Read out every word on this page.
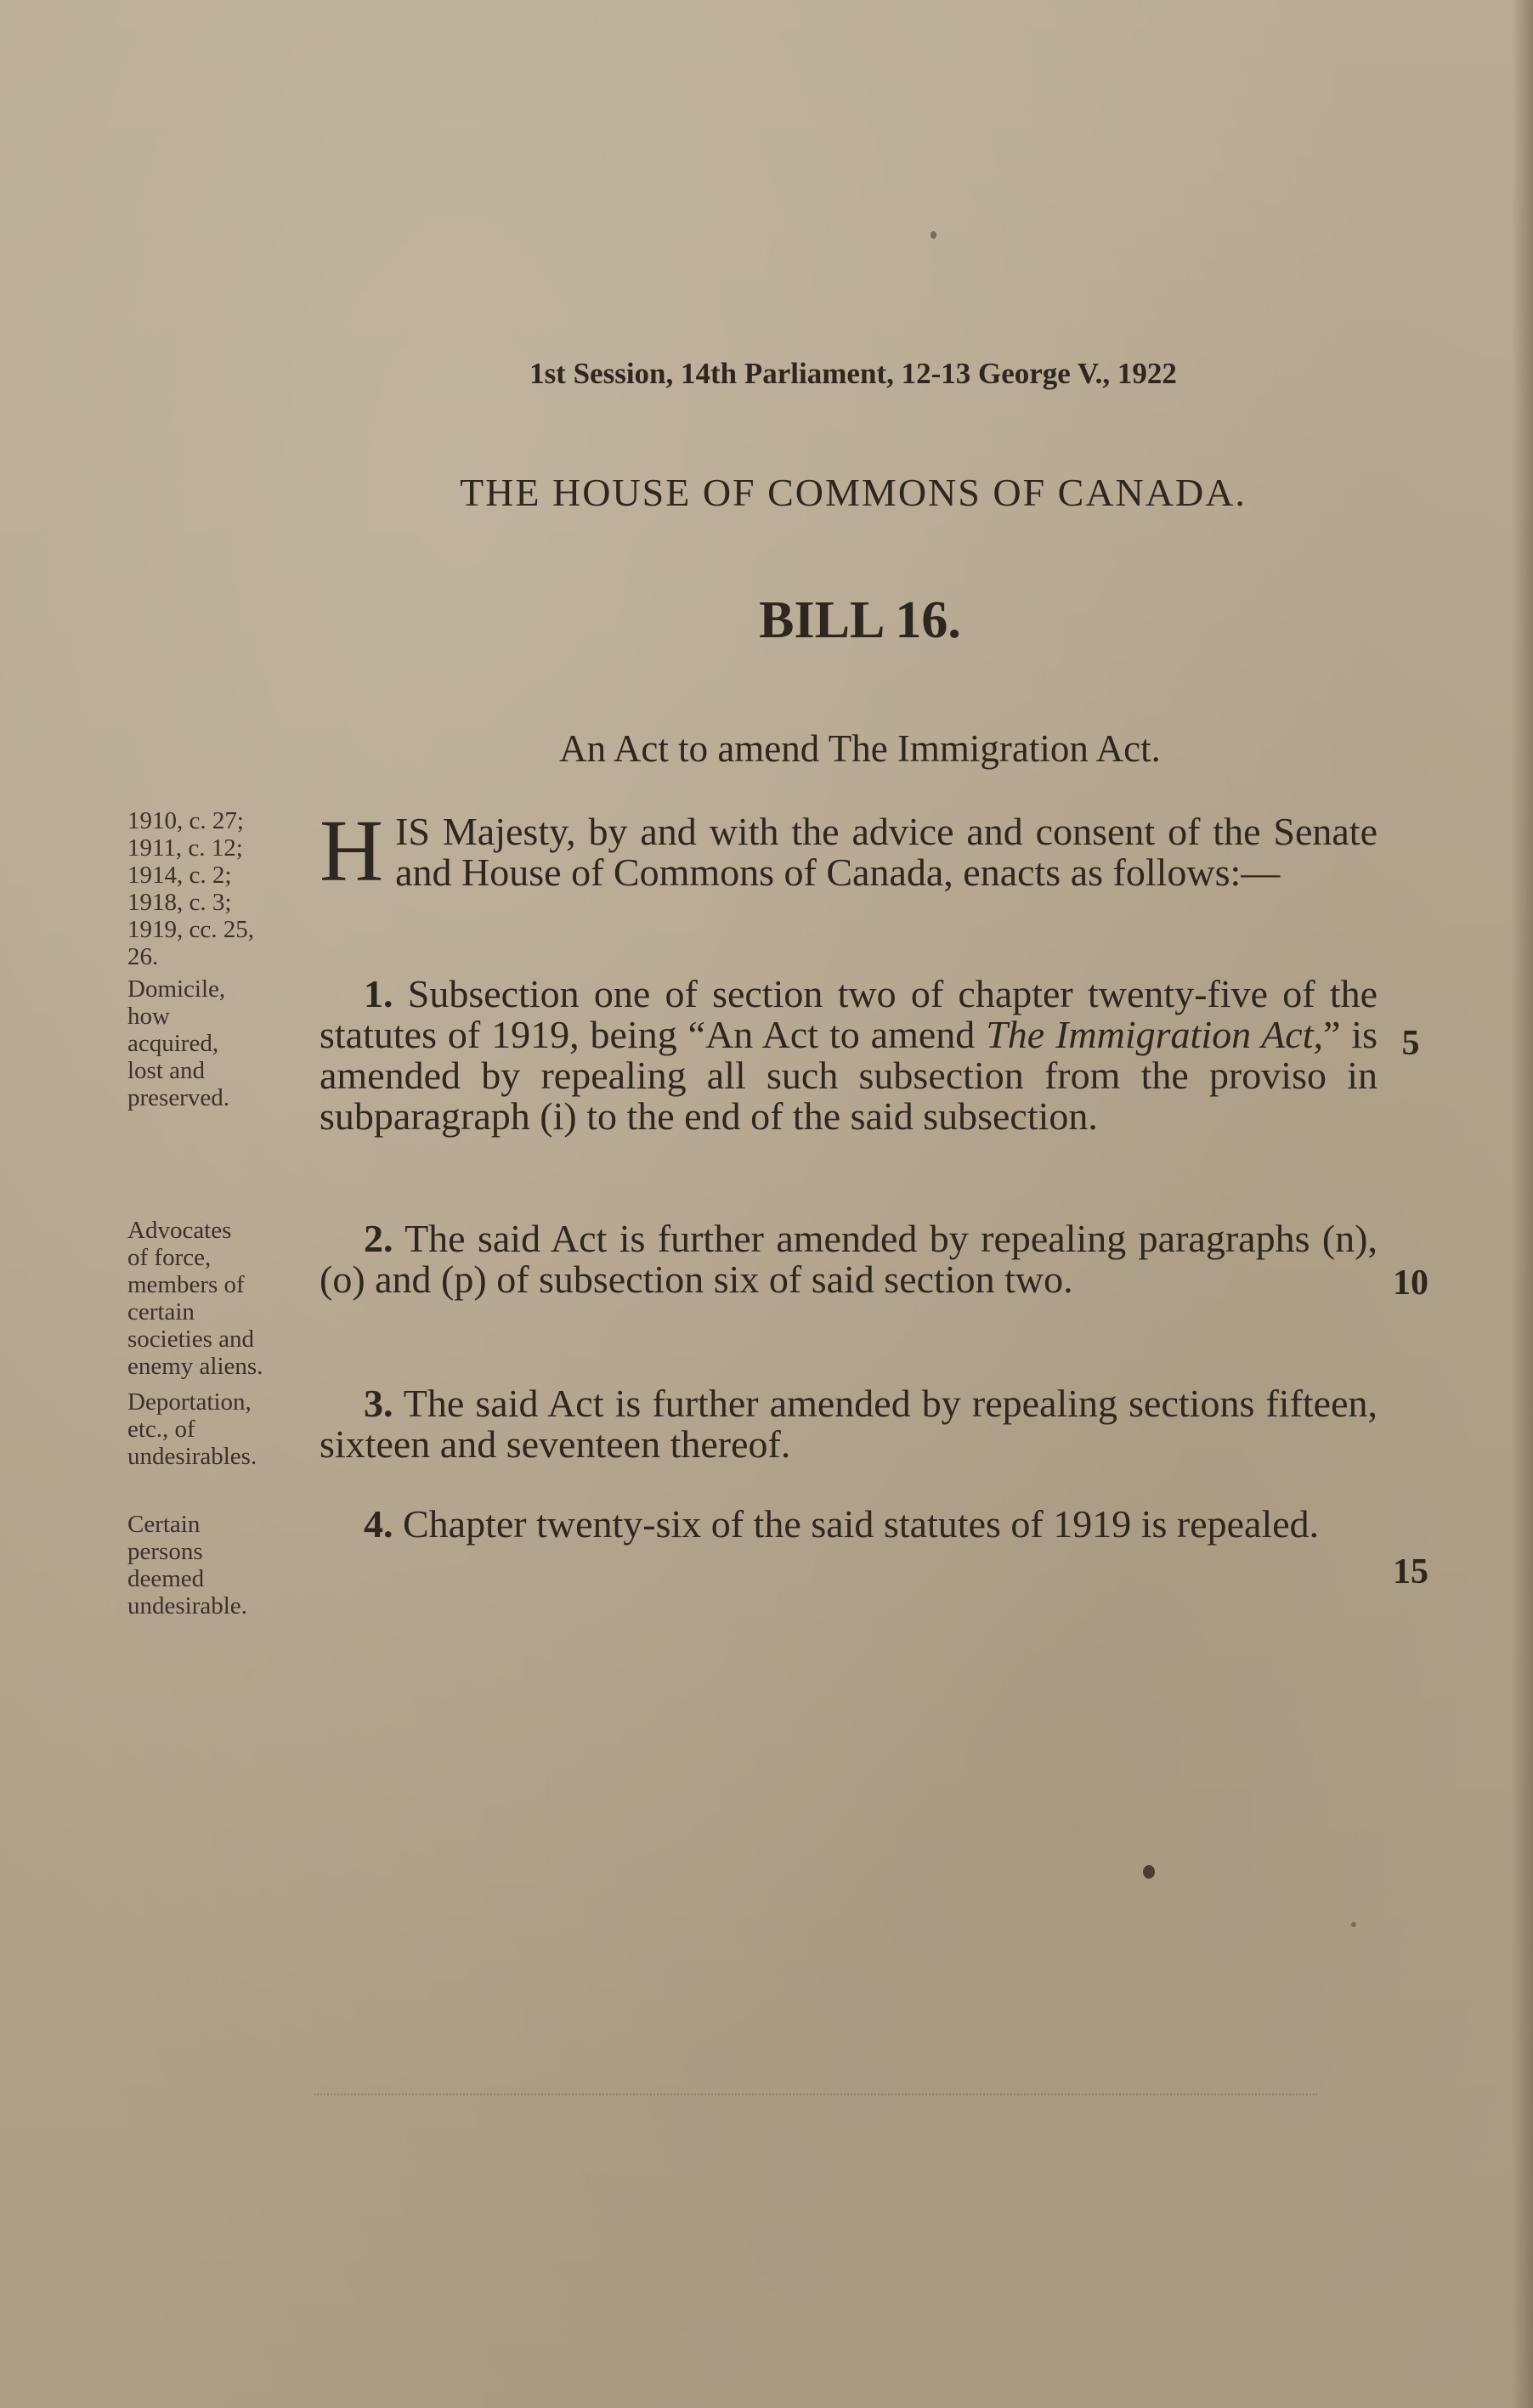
1st Session, 14th Parliament, 12-13 George V., 1922
THE HOUSE OF COMMONS OF CANADA.
BILL 16.
An Act to amend The Immigration Act.
1910, c. 27;
1911, c. 12;
1914, c. 2;
1918, c. 3;
1919, cc. 25,
26.

HIS Majesty, by and with the advice and consent of the Senate and House of Commons of Canada, enacts as follows:—

Domicile,
how
acquired,
lost and
preserved.

1. Subsection one of section two of chapter twenty-five of the statutes of 1919, being “An Act to amend The Immigration Act,” is amended by repealing all such subsection from the proviso in subparagraph (i) to the end of the said subsection.

5
Advocates
of force,
members of
certain
societies and
enemy aliens.

2. The said Act is further amended by repealing paragraphs (n), (o) and (p) of subsection six of said section two.	10
Deportation,
etc., of
undesirables.

3. The said Act is further amended by repealing sections fifteen, sixteen and seventeen thereof.

Certain
persons
deemed
undesirable.

4. Chapter twenty-six of the said statutes of 1919 is repealed.

15
